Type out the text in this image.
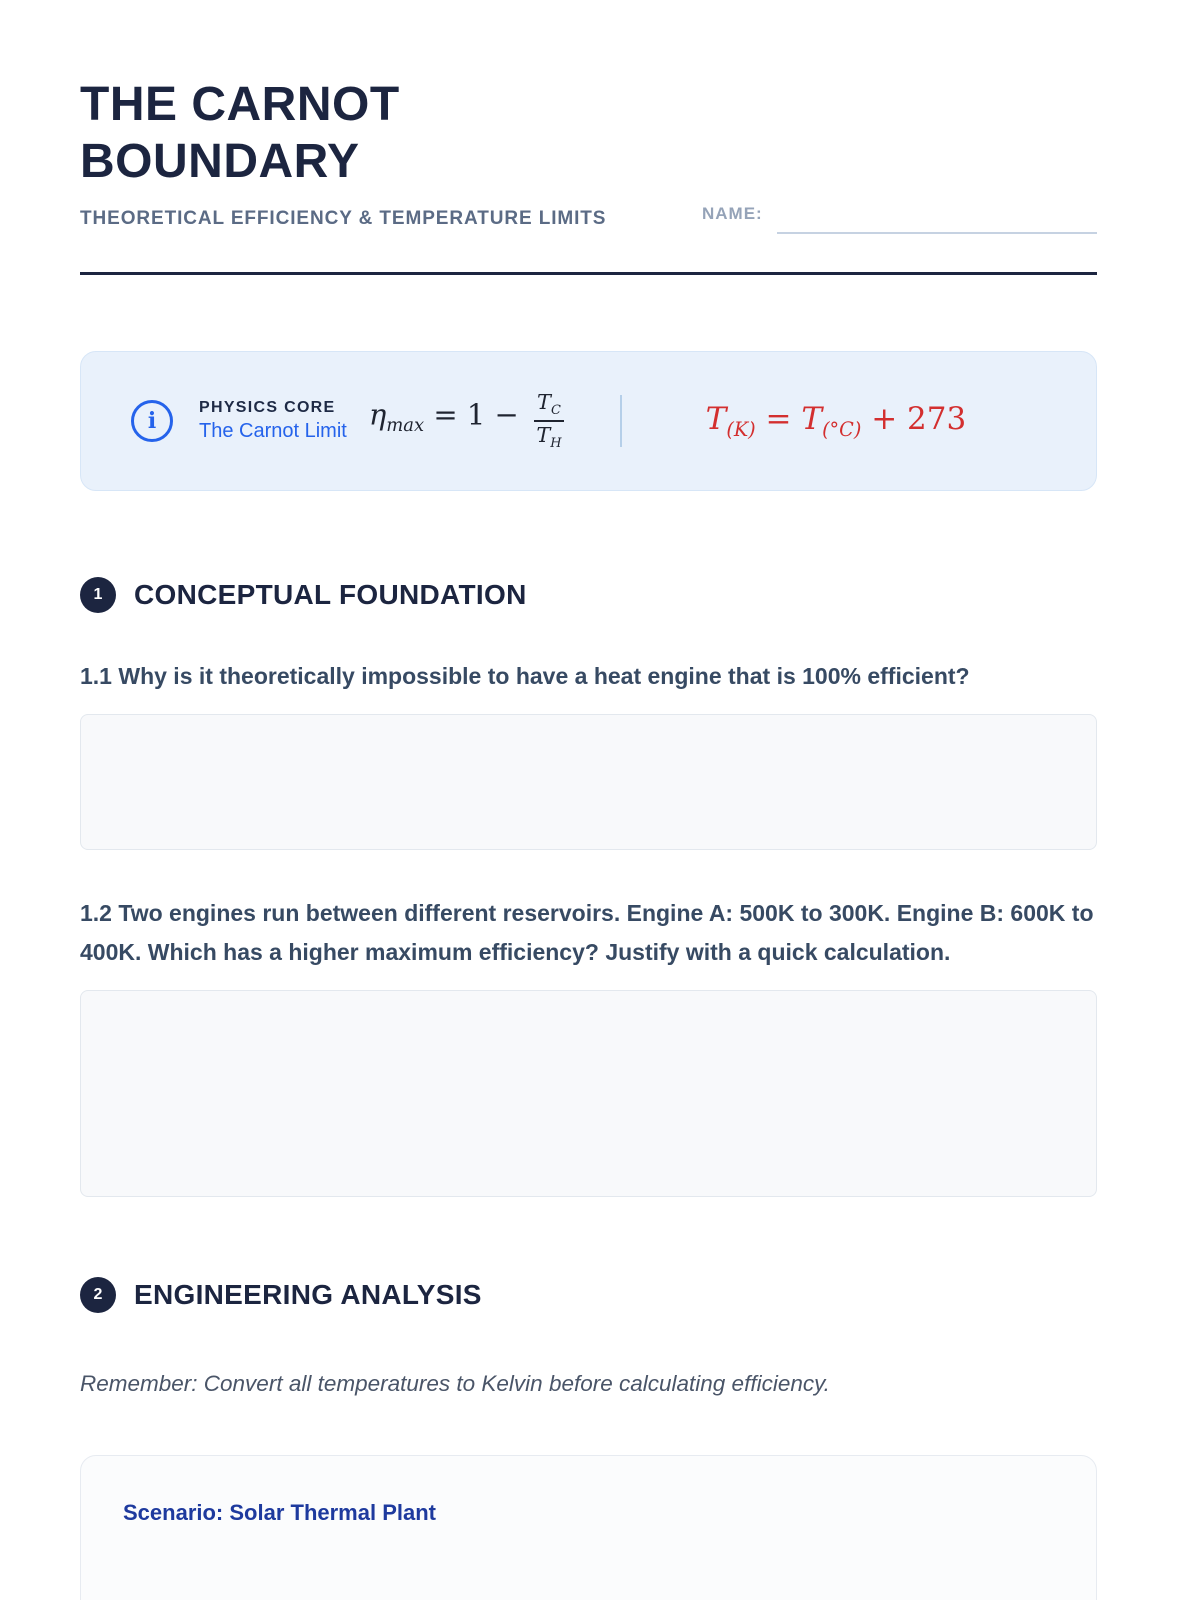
THE CARNOT
BOUNDARY
THEORETICAL EFFICIENCY & TEMPERATURE LIMITS	NAME:
i
PHYSICS CORE
The Carnot Limit $\eta_{max} = 1 - \frac{T_C}{T_H}$	$T_{(K)} = T_{(^\circ C)} + 273$
1	CONCEPTUAL FOUNDATION
1.1 Why is it theoretically impossible to have a heat engine that is 100% efficient?
1.2 Two engines run between different reservoirs. Engine A: 500K to 300K. Engine B: 600K to 400K. Which has a higher maximum efficiency? Justify with a quick calculation.
2	ENGINEERING ANALYSIS
Remember: Convert all temperatures to Kelvin before calculating efficiency.
Scenario: Solar Thermal Plant
